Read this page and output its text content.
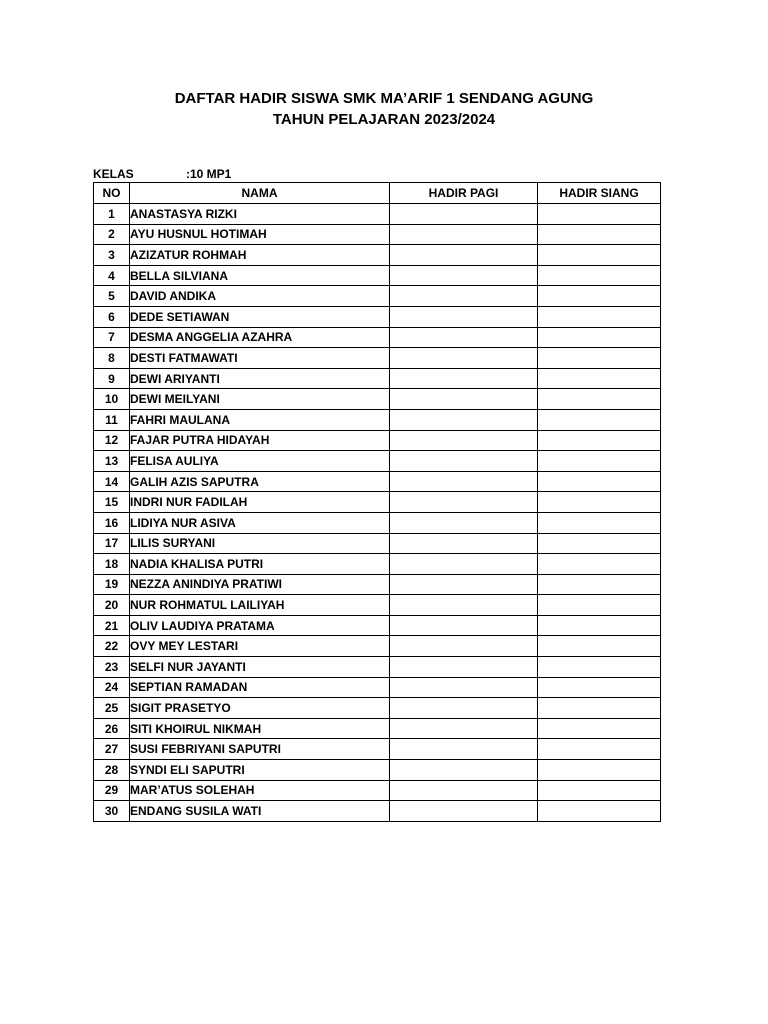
DAFTAR HADIR SISWA SMK MA’ARIF 1 SENDANG AGUNG
TAHUN PELAJARAN 2023/2024
KELAS	:10 MP1
NO	NAMA	HADIR PAGI	HADIR SIANG
1	ANASTASYA RIZKI		
2	AYU HUSNUL HOTIMAH		
3	AZIZATUR ROHMAH		
4	BELLA SILVIANA		
5	DAVID ANDIKA		
6	DEDE SETIAWAN		
7	DESMA ANGGELIA AZAHRA		
8	DESTI FATMAWATI		
9	DEWI ARIYANTI		
10	DEWI MEILYANI		
11	FAHRI MAULANA		
12	FAJAR PUTRA HIDAYAH		
13	FELISA AULIYA		
14	GALIH AZIS SAPUTRA		
15	INDRI NUR FADILAH		
16	LIDIYA NUR ASIVA		
17	LILIS SURYANI		
18	NADIA KHALISA PUTRI		
19	NEZZA ANINDIYA PRATIWI		
20	NUR ROHMATUL LAILIYAH		
21	OLIV LAUDIYA PRATAMA		
22	OVY MEY LESTARI		
23	SELFI NUR JAYANTI		
24	SEPTIAN RAMADAN		
25	SIGIT PRASETYO		
26	SITI KHOIRUL NIKMAH		
27	SUSI FEBRIYANI SAPUTRI		
28	SYNDI ELI SAPUTRI		
29	MAR’ATUS SOLEHAH		
30	ENDANG SUSILA WATI		
